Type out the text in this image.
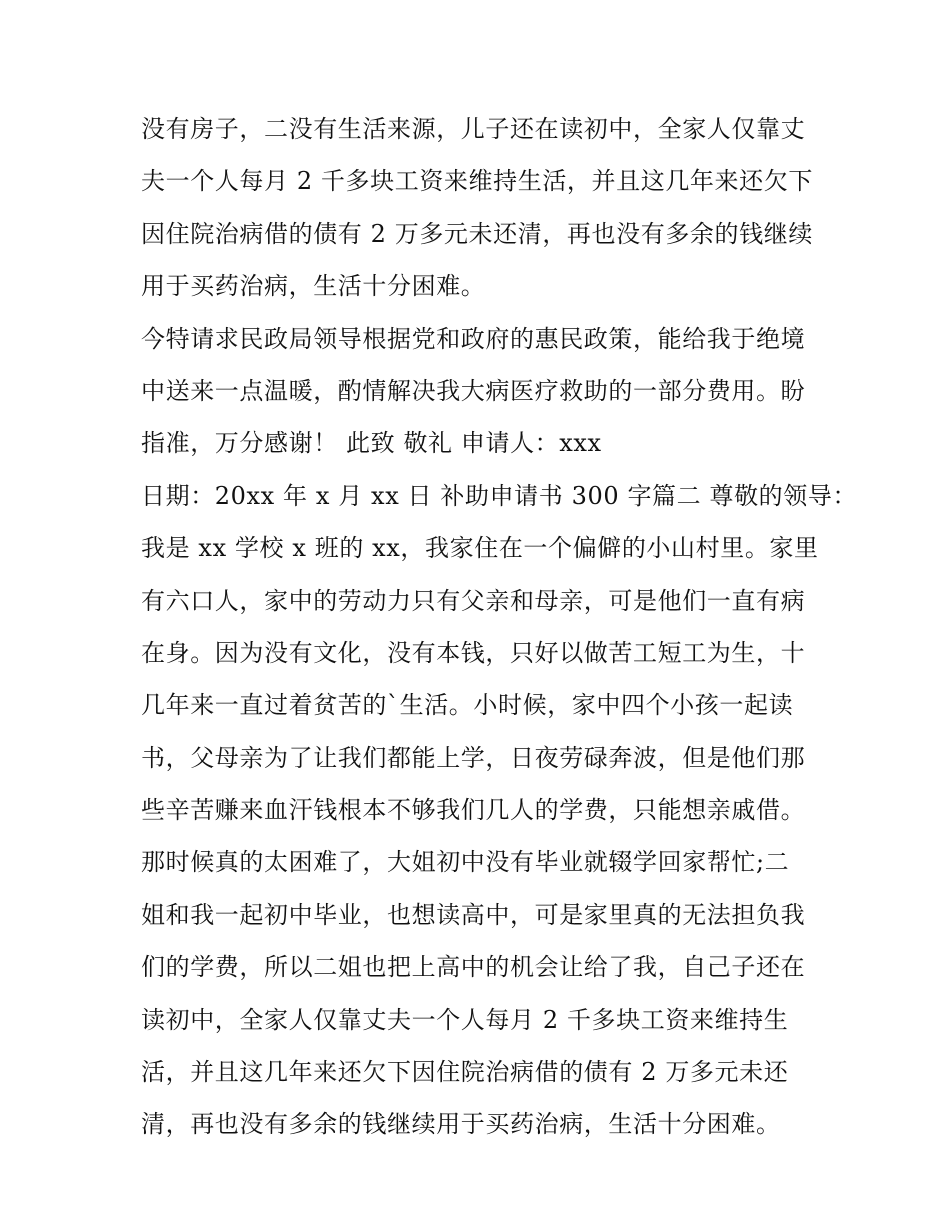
没有房子，二没有生活来源，儿子还在读初中，全家人仅靠丈
夫一个人每月 2 千多块工资来维持生活，并且这几年来还欠下
因住院治病借的债有 2 万多元未还清，再也没有多余的钱继续
用于买药治病，生活十分困难。
今特请求民政局领导根据党和政府的惠民政策，能给我于绝境
中送来一点温暖，酌情解决我大病医疗救助的一部分费用。盼
指准，万分感谢！ 此致 敬礼 申请人：xxx
日期：20xx 年 x 月 xx 日 补助申请书 300 字篇二 尊敬的领导：
我是 xx 学校 x 班的 xx，我家住在一个偏僻的小山村里。家里
有六口人，家中的劳动力只有父亲和母亲，可是他们一直有病
在身。因为没有文化，没有本钱，只好以做苦工短工为生，十
几年来一直过着贫苦的`生活。小时候，家中四个小孩一起读
书，父母亲为了让我们都能上学，日夜劳碌奔波，但是他们那
些辛苦赚来血汗钱根本不够我们几人的学费，只能想亲戚借。
那时候真的太困难了，大姐初中没有毕业就辍学回家帮忙;二
姐和我一起初中毕业，也想读高中，可是家里真的无法担负我
们的学费，所以二姐也把上高中的机会让给了我，自己子还在
读初中，全家人仅靠丈夫一个人每月 2 千多块工资来维持生
活，并且这几年来还欠下因住院治病借的债有 2 万多元未还
清，再也没有多余的钱继续用于买药治病，生活十分困难。
